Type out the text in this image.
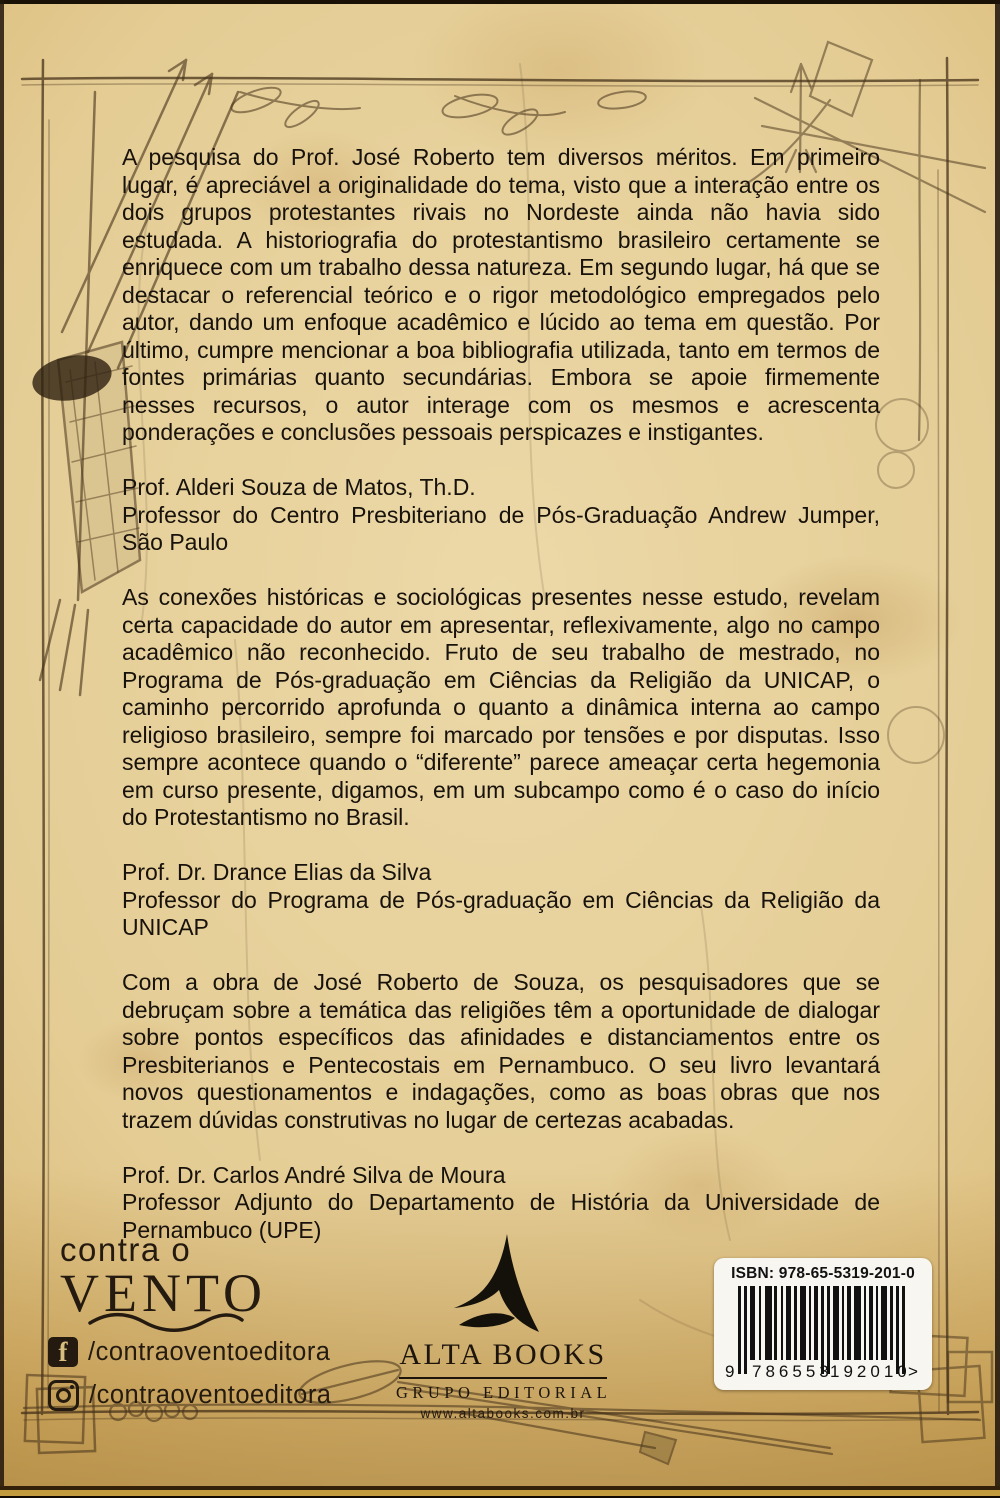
A pesquisa do Prof. José Roberto tem diversos méritos. Em primeiro lugar, é apreciável a originalidade do tema, visto que a interação entre os dois grupos protestantes rivais no Nordeste ainda não havia sido estudada. A historiografia do protestantismo brasileiro certamente se enriquece com um trabalho dessa natureza. Em segundo lugar, há que se destacar o referencial teórico e o rigor metodológico empregados pelo autor, dando um enfoque acadêmico e lúcido ao tema em questão. Por último, cumpre mencionar a boa bibliografia utilizada, tanto em termos de fontes primárias quanto secundárias. Embora se apoie firmemente nesses recursos, o autor interage com os mesmos e acrescenta ponderações e conclusões pessoais perspicazes e instigantes.

Prof. Alderi Souza de Matos, Th.D.
Professor do Centro Presbiteriano de Pós-Graduação Andrew Jumper, São Paulo

As conexões históricas e sociológicas presentes nesse estudo, revelam certa capacidade do autor em apresentar, reflexivamente, algo no campo acadêmico não reconhecido. Fruto de seu trabalho de mestrado, no Programa de Pós-graduação em Ciências da Religião da UNICAP, o caminho percorrido aprofunda o quanto a dinâmica interna ao campo religioso brasileiro, sempre foi marcado por tensões e por disputas. Isso sempre acontece quando o “diferente” parece ameaçar certa hegemonia em curso presente, digamos, em um subcampo como é o caso do início do Protestantismo no Brasil.

Prof. Dr. Drance Elias da Silva
Professor do Programa de Pós-graduação em Ciências da Religião da UNICAP

Com a obra de José Roberto de Souza, os pesquisadores que se debruçam sobre a temática das religiões têm a oportunidade de dialogar sobre pontos específicos das afinidades e distanciamentos entre os Presbiterianos e Pentecostais em Pernambuco. O seu livro levantará novos questionamentos e indagações, como as boas obras que nos trazem dúvidas construtivas no lugar de certezas acabadas.

Prof. Dr. Carlos André Silva de Moura
Professor Adjunto do Departamento de História da Universidade de Pernambuco (UPE)
contra o
VENTO
f /contraoventoeditora
/contraoventoeditora
ALTA BOOKS
GRUPO EDITORIAL
www.altabooks.com.br
ISBN: 978-65-5319-201-0
9 786553
192010
>
